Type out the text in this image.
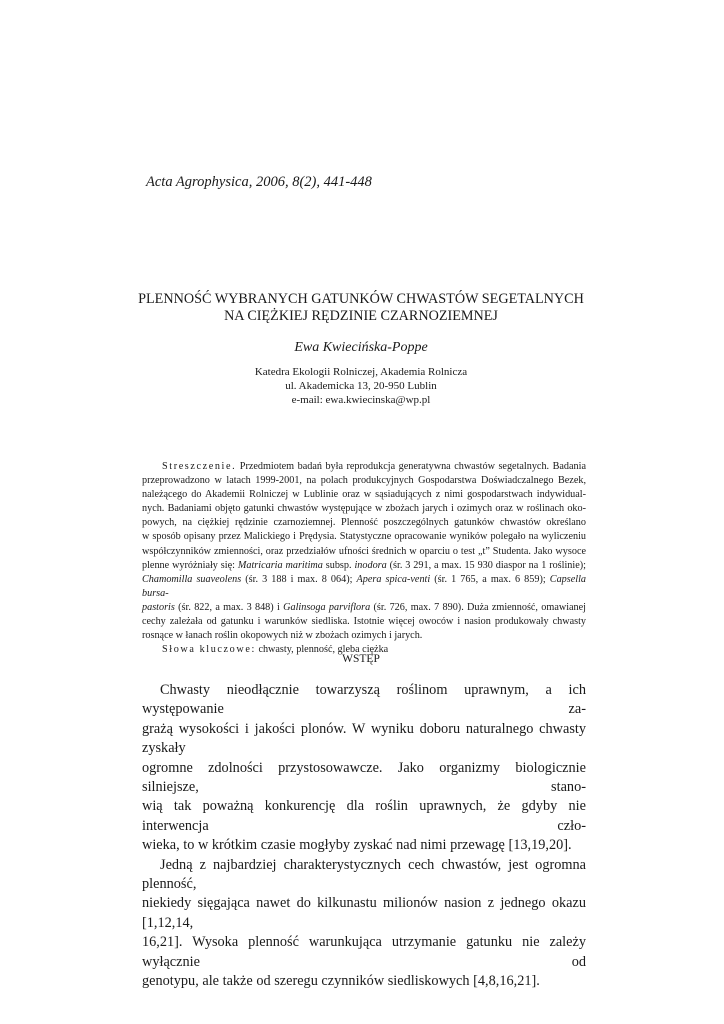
Acta Agrophysica, 2006, 8(2), 441-448
PLENNOŚĆ WYBRANYCH GATUNKÓW CHWASTÓW SEGETALNYCH
NA CIĘŻKIEJ RĘDZINIE CZARNOZIEMNEJ
Ewa Kwiecińska-Poppe
Katedra Ekologii Rolniczej, Akademia Rolnicza
ul. Akademicka 13, 20-950 Lublin
e-mail: ewa.kwiecinska@wp.pl
Streszczenie. Przedmiotem badań była reprodukcja generatywna chwastów segetalnych. Badania
przeprowadzono w latach 1999-2001, na polach produkcyjnych Gospodarstwa Doświadczalnego Bezek,
należącego do Akademii Rolniczej w Lublinie oraz w sąsiadujących z nimi gospodarstwach indywidual-
nych. Badaniami objęto gatunki chwastów występujące w zbożach jarych i ozimych oraz w roślinach oko-
powych, na ciężkiej rędzinie czarnoziemnej. Plenność poszczególnych gatunków chwastów określano
w sposób opisany przez Malickiego i Prędysia. Statystyczne opracowanie wyników polegało na wyliczeniu
współczynników zmienności, oraz przedziałów ufności średnich w oparciu o test „t” Studenta. Jako wysoce
plenne wyróżniały się: Matricaria maritima subsp. inodora (śr. 3 291, a max. 15 930 diaspor na 1 roślinie);
Chamomilla suaveolens (śr. 3 188 i max. 8 064); Apera spica-venti (śr. 1 765, a max. 6 859); Capsella bursa-
pastoris (śr. 822, a max. 3 848) i Galinsoga parviflora (śr. 726, max. 7 890). Duża zmienność, omawianej
cechy zależała od gatunku i warunków siedliska. Istotnie więcej owoców i nasion produkowały chwasty
rosnące w łanach roślin okopowych niż w zbożach ozimych i jarych.
Słowa kluczowe: chwasty, plenność, gleba ciężka
WSTĘP
Chwasty nieodłącznie towarzyszą roślinom uprawnym, a ich występowanie za-
grażą wysokości i jakości plonów. W wyniku doboru naturalnego chwasty zyskały
ogromne zdolności przystosowawcze. Jako organizmy biologicznie silniejsze, stano-
wią tak poważną konkurencję dla roślin uprawnych, że gdyby nie interwencja czło-
wieka, to w krótkim czasie mogłyby zyskać nad nimi przewagę [13,19,20].
Jedną z najbardziej charakterystycznych cech chwastów, jest ogromna plenność,
niekiedy sięgająca nawet do kilkunastu milionów nasion z jednego okazu [1,12,14,
16,21]. Wysoka plenność warunkująca utrzymanie gatunku nie zależy wyłącznie od
genotypu, ale także od szeregu czynników siedliskowych [4,8,16,21].
